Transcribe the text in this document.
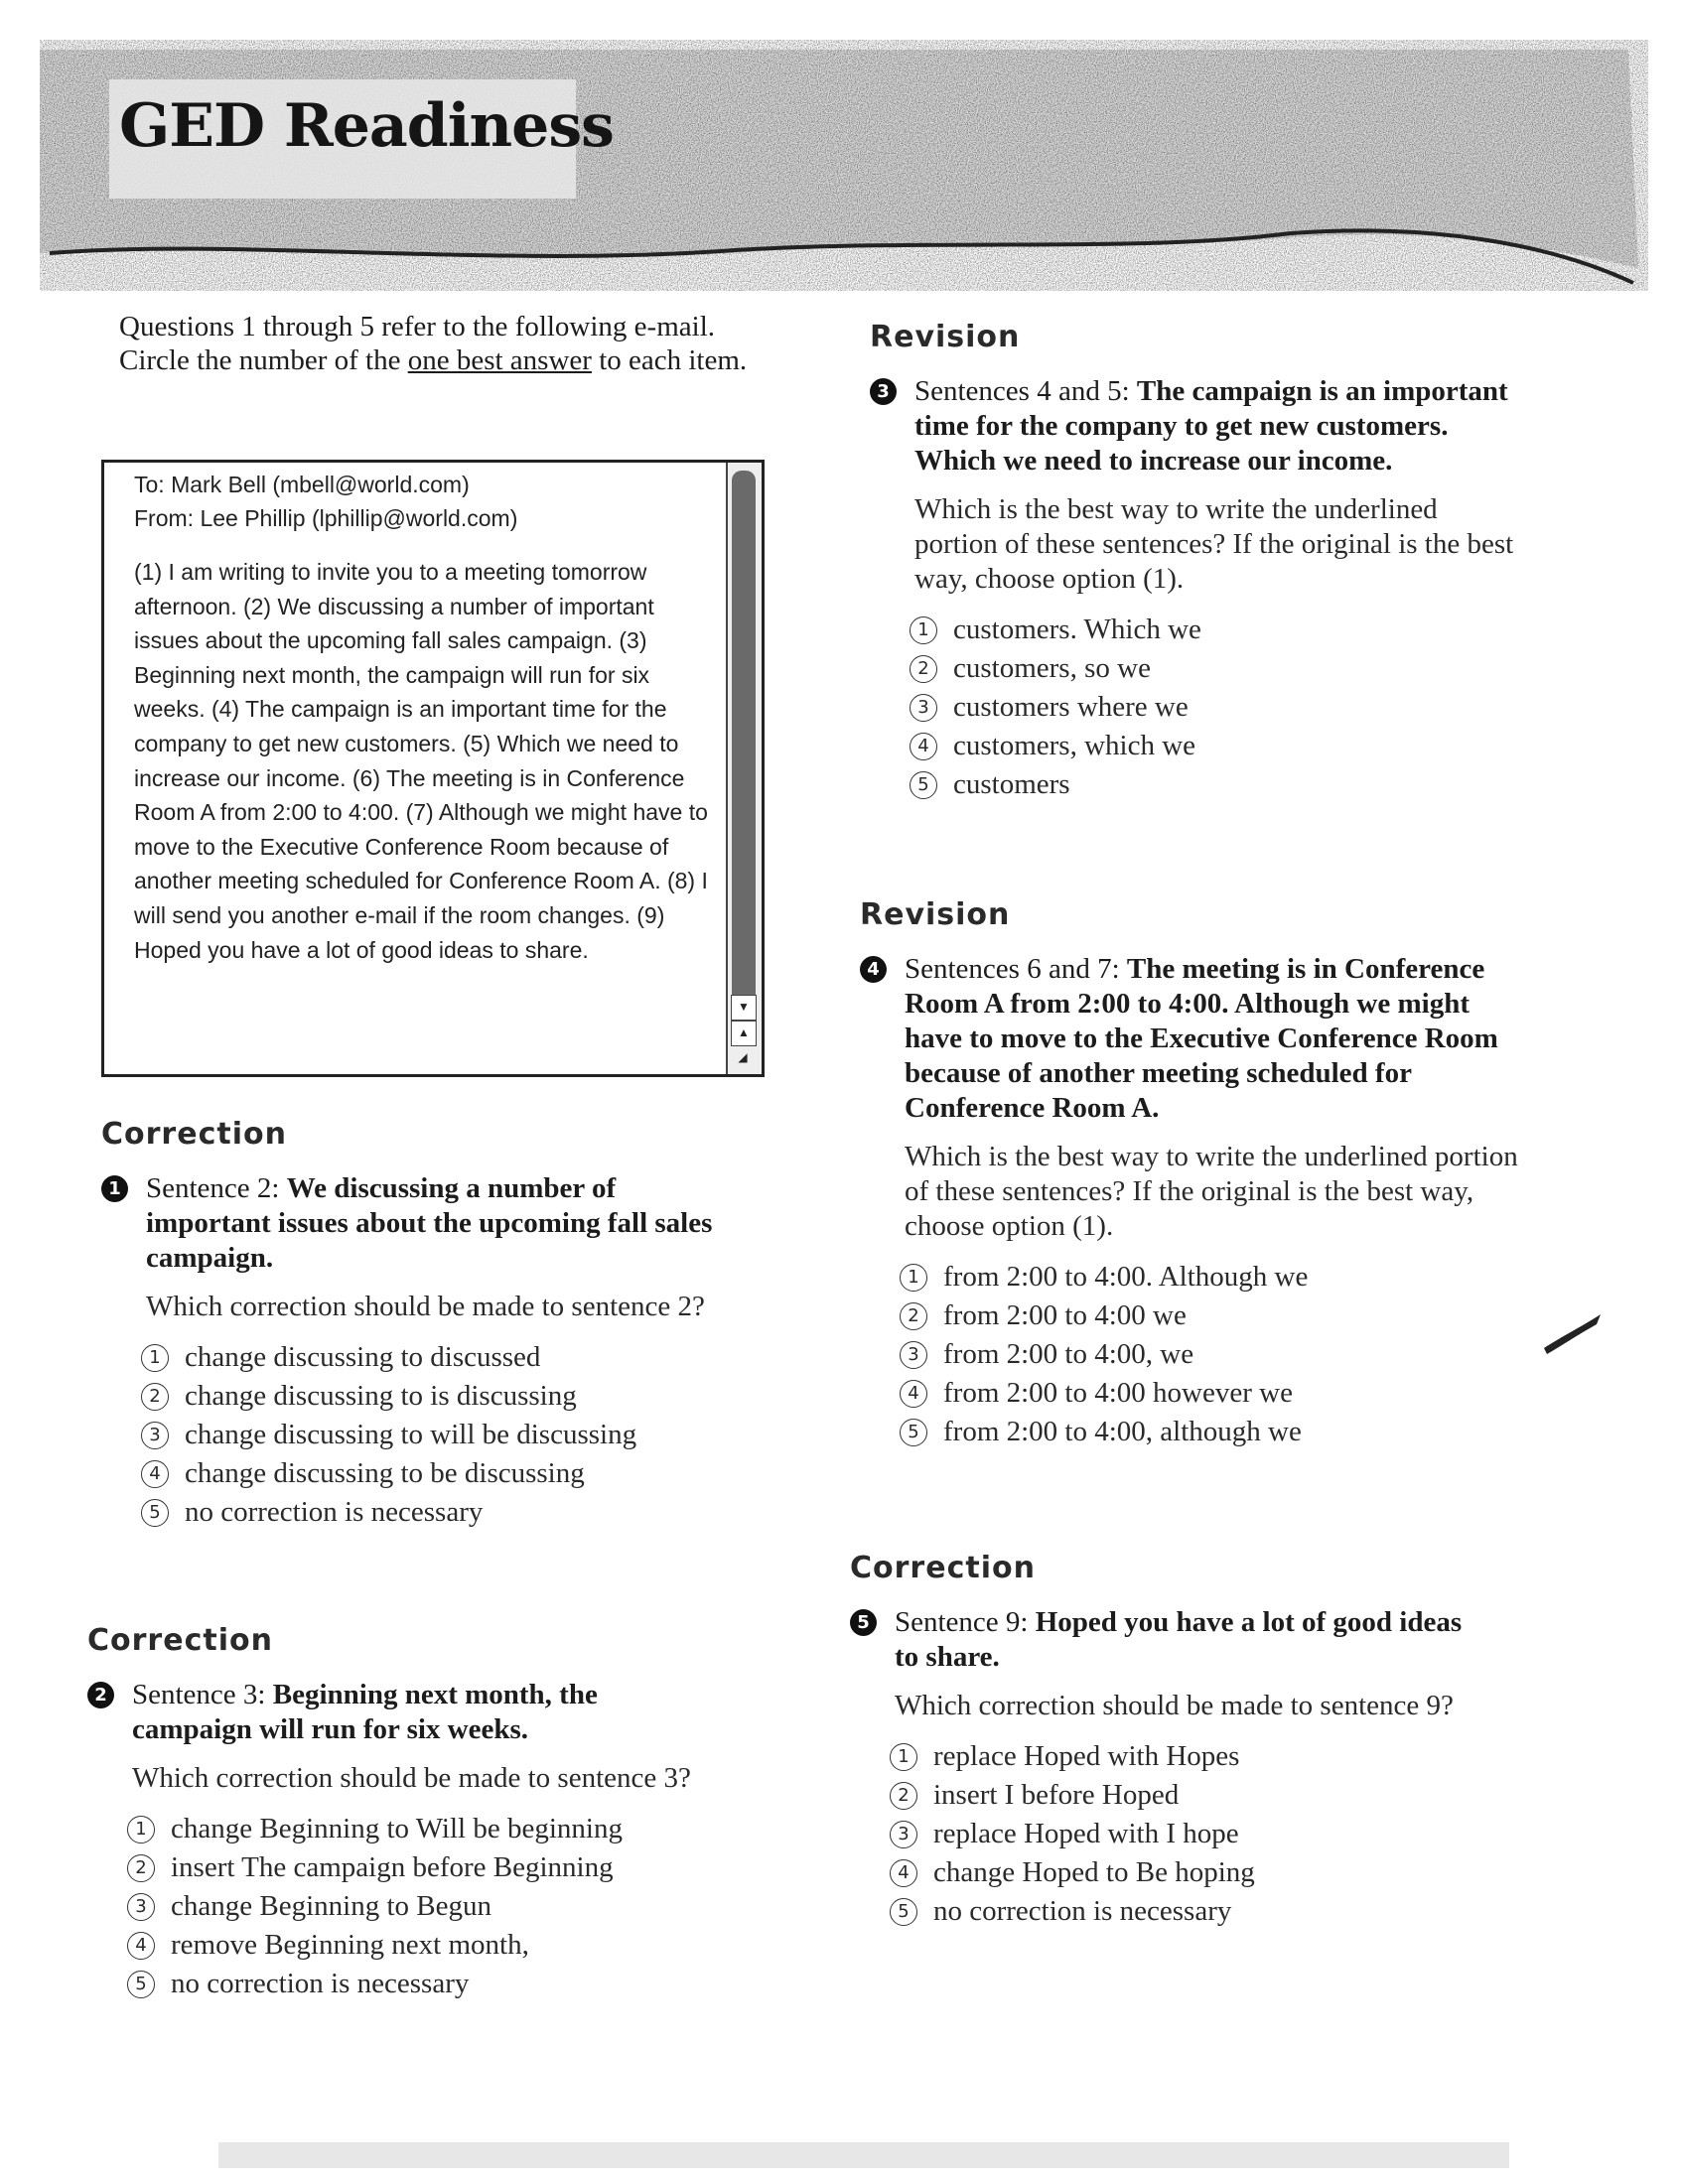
GED Readiness
Questions 1 through 5 refer to the following e-mail. Circle the number of the one best answer to each item.
To: Mark Bell (mbell@world.com)
From: Lee Phillip (lphillip@world.com)
(1) I am writing to invite you to a meeting tomorrow afternoon. (2) We discussing a number of important issues about the upcoming fall sales campaign. (3) Beginning next month, the campaign will run for six weeks. (4) The campaign is an important time for the company to get new customers. (5) Which we need to increase our income. (6) The meeting is in Conference Room A from 2:00 to 4:00. (7) Although we might have to move to the Executive Conference Room because of another meeting scheduled for Conference Room A. (8) I will send you another e-mail if the room changes. (9) Hoped you have a lot of good ideas to share.
▼
▲
◢
Correction
1 Sentence 2: We discussing a number of important issues about the upcoming fall sales campaign.
Which correction should be made to sentence 2?
1 change discussing to discussed
2 change discussing to is discussing
3 change discussing to will be discussing
4 change discussing to be discussing
5 no correction is necessary
Correction
2 Sentence 3: Beginning next month, the campaign will run for six weeks.
Which correction should be made to sentence 3?
1 change Beginning to Will be beginning
2 insert The campaign before Beginning
3 change Beginning to Begun
4 remove Beginning next month,
5 no correction is necessary
Revision
3 Sentences 4 and 5: The campaign is an important time for the company to get new customers. Which we need to increase our income.
Which is the best way to write the underlined portion of these sentences? If the original is the best way, choose option (1).
1 customers. Which we
2 customers, so we
3 customers where we
4 customers, which we
5 customers
Revision
4 Sentences 6 and 7: The meeting is in Conference Room A from 2:00 to 4:00. Although we might have to move to the Executive Conference Room because of another meeting scheduled for Conference Room A.
Which is the best way to write the underlined portion of these sentences? If the original is the best way, choose option (1).
1 from 2:00 to 4:00. Although we
2 from 2:00 to 4:00 we
3 from 2:00 to 4:00, we
4 from 2:00 to 4:00 however we
5 from 2:00 to 4:00, although we
Correction
5 Sentence 9: Hoped you have a lot of good ideas to share.
Which correction should be made to sentence 9?
1 replace Hoped with Hopes
2 insert I before Hoped
3 replace Hoped with I hope
4 change Hoped to Be hoping
5 no correction is necessary
